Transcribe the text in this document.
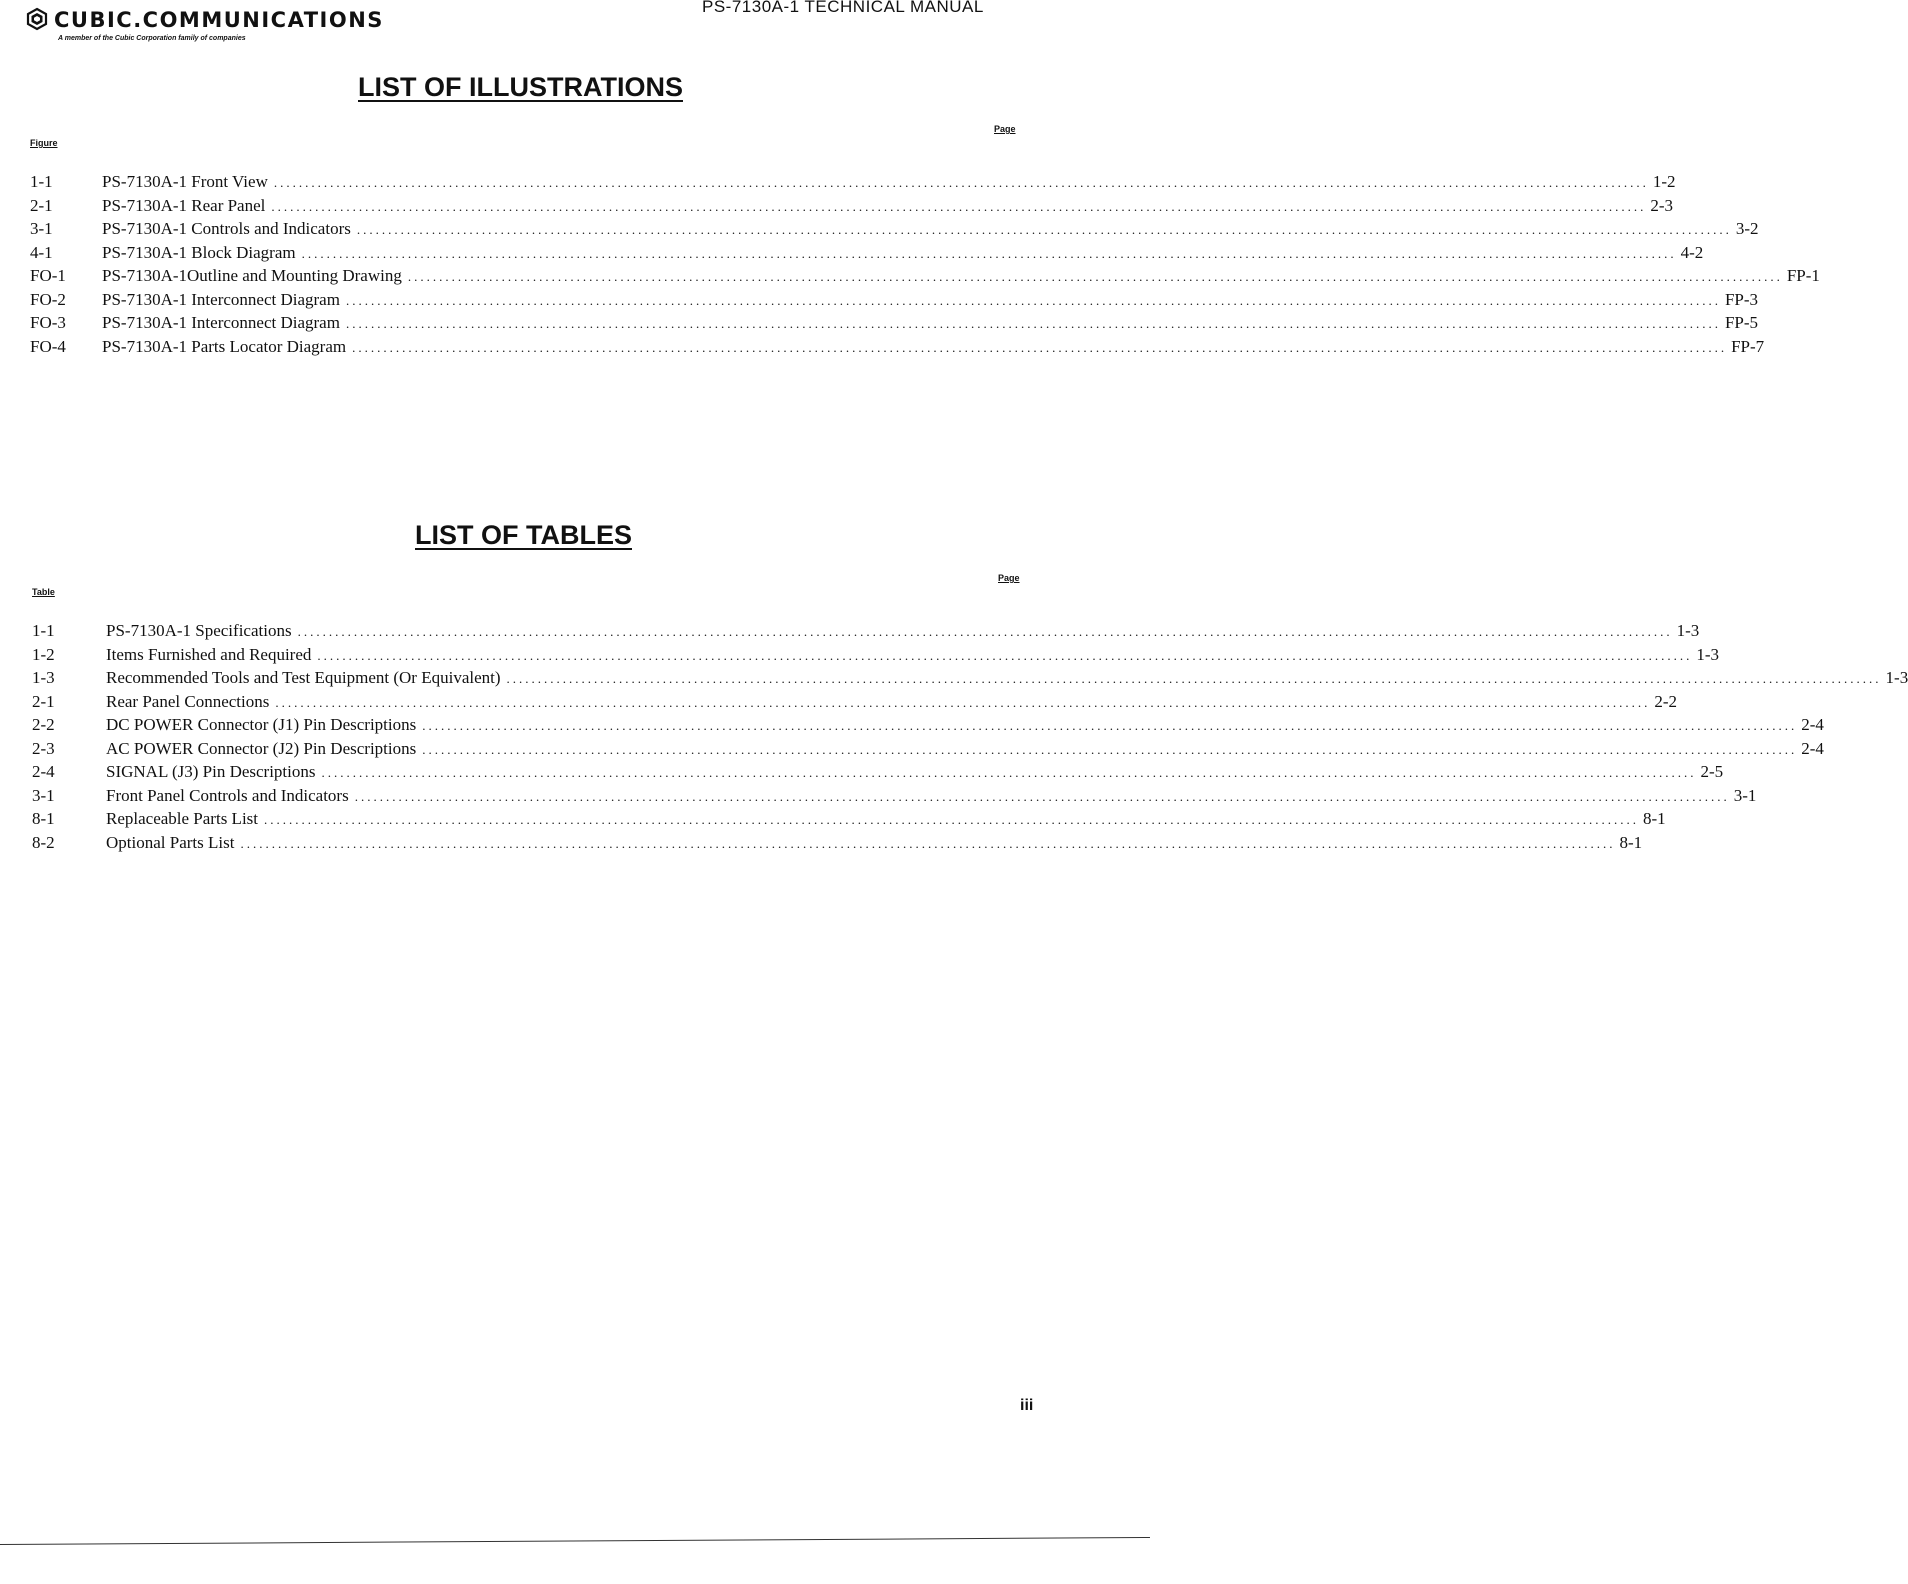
CUBIC.COMMUNICATIONS
A member of the Cubic Corporation family of companies
PS-7130A-1 TECHNICAL MANUAL
LIST OF ILLUSTRATIONS
Figure
Page
1-1	PS-7130A-1 Front View ............................................................................................................................................................................................................................ 1-2
2-1	PS-7130A-1 Rear Panel ............................................................................................................................................................................................................................ 2-3
3-1	PS-7130A-1 Controls and Indicators ............................................................................................................................................................................................................................ 3-2
4-1	PS-7130A-1 Block Diagram ............................................................................................................................................................................................................................ 4-2
FO-1 PS-7130A-1Outline and Mounting Drawing ............................................................................................................................................................................................................................ FP-1
FO-2 PS-7130A-1 Interconnect Diagram ............................................................................................................................................................................................................................ FP-3
FO-3 PS-7130A-1 Interconnect Diagram ............................................................................................................................................................................................................................ FP-5
FO-4 PS-7130A-1 Parts Locator Diagram ............................................................................................................................................................................................................................ FP-7
LIST OF TABLES
Table
Page
1-1	PS-7130A-1 Specifications ............................................................................................................................................................................................................................ 1-3
1-2	Items Furnished and Required ............................................................................................................................................................................................................................ 1-3
1-3	Recommended Tools and Test Equipment (Or Equivalent) ............................................................................................................................................................................................................................ 1-3
2-1	Rear Panel Connections ............................................................................................................................................................................................................................ 2-2
2-2	DC POWER Connector (J1) Pin Descriptions ............................................................................................................................................................................................................................ 2-4
2-3	AC POWER Connector (J2) Pin Descriptions ............................................................................................................................................................................................................................ 2-4
2-4	SIGNAL (J3) Pin Descriptions ............................................................................................................................................................................................................................ 2-5
3-1	Front Panel Controls and Indicators ............................................................................................................................................................................................................................ 3-1
8-1	Replaceable Parts List ............................................................................................................................................................................................................................ 8-1
8-2	Optional Parts List ............................................................................................................................................................................................................................ 8-1
iii
